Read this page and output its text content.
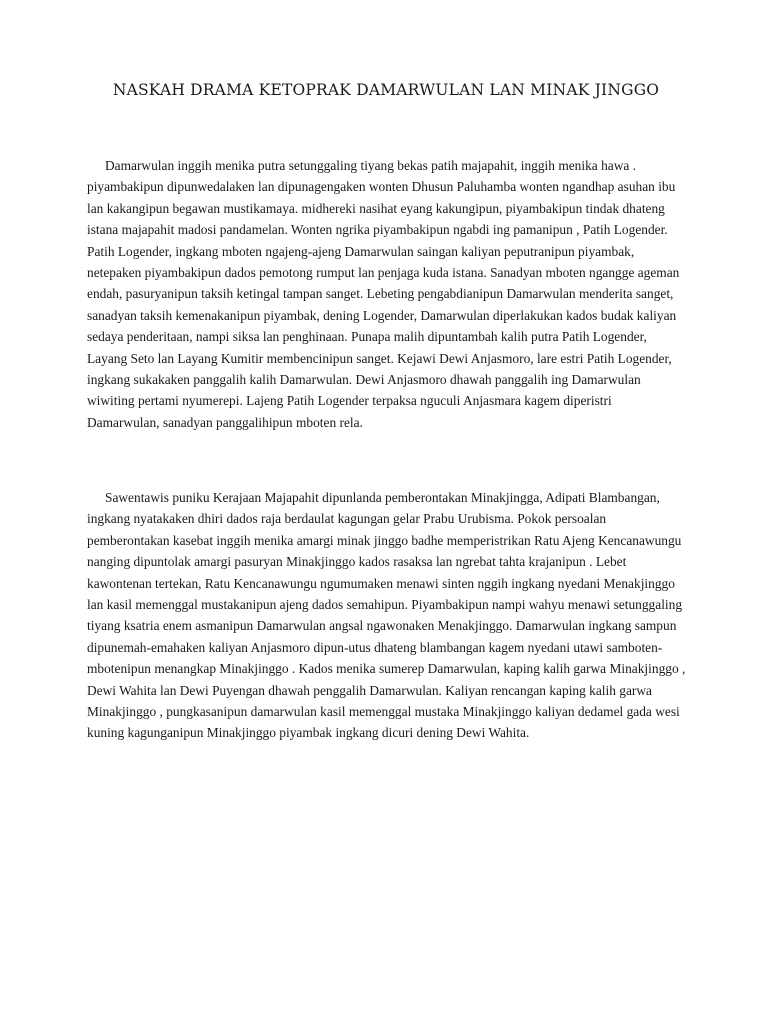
NASKAH DRAMA KETOPRAK DAMARWULAN LAN MINAK JINGGO

Damarwulan inggih menika putra setunggaling tiyang bekas patih majapahit, inggih menika hawa . piyambakipun dipunwedalaken lan dipunagengaken wonten Dhusun Paluhamba wonten ngandhap asuhan ibu lan kakangipun begawan mustikamaya. midhereki nasihat eyang kakungipun, piyambakipun tindak dhateng istana majapahit madosi pandamelan. Wonten ngrika piyambakipun ngabdi ing pamanipun , Patih Logender. Patih Logender, ingkang mboten ngajeng-ajeng Damarwulan saingan kaliyan peputranipun piyambak, netepaken piyambakipun dados pemotong rumput lan penjaga kuda istana. Sanadyan mboten ngangge ageman endah, pasuryanipun taksih ketingal tampan sanget. Lebeting pengabdianipun Damarwulan menderita sanget, sanadyan taksih kemenakanipun piyambak, dening Logender, Damarwulan diperlakukan kados budak kaliyan sedaya penderitaan, nampi siksa lan penghinaan. Punapa malih dipuntambah kalih putra Patih Logender, Layang Seto lan Layang Kumitir membencinipun sanget. Kejawi Dewi Anjasmoro, lare estri Patih Logender, ingkang sukakaken panggalih kalih Damarwulan. Dewi Anjasmoro dhawah panggalih ing Damarwulan wiwiting pertami nyumerepi. Lajeng Patih Logender terpaksa nguculi Anjasmara kagem diperistri Damarwulan, sanadyan panggalihipun mboten rela.

Sawentawis puniku Kerajaan Majapahit dipunlanda pemberontakan Minakjingga, Adipati Blambangan, ingkang nyatakaken dhiri dados raja berdaulat kagungan gelar Prabu Urubisma. Pokok persoalan pemberontakan kasebat inggih menika amargi minak jinggo badhe memperistrikan Ratu Ajeng Kencanawungu nanging dipuntolak amargi pasuryan Minakjinggo kados rasaksa lan ngrebat tahta krajanipun . Lebet kawontenan tertekan, Ratu Kencanawungu ngumumaken menawi sinten nggih ingkang nyedani Menakjinggo lan kasil memenggal mustakanipun ajeng dados semahipun. Piyambakipun nampi wahyu menawi setunggaling tiyang ksatria enem asmanipun Damarwulan angsal ngawonaken Menakjinggo. Damarwulan ingkang sampun dipunemah-emahaken kaliyan Anjasmoro dipun-utus dhateng blambangan kagem nyedani utawi samboten-mbotenipun menangkap Minakjinggo . Kados menika sumerep Damarwulan, kaping kalih garwa Minakjinggo , Dewi Wahita lan Dewi Puyengan dhawah penggalih Damarwulan. Kaliyan rencangan kaping kalih garwa Minakjinggo , pungkasanipun damarwulan kasil memenggal mustaka Minakjinggo kaliyan dedamel gada wesi kuning kagunganipun Minakjinggo piyambak ingkang dicuri dening Dewi Wahita.
